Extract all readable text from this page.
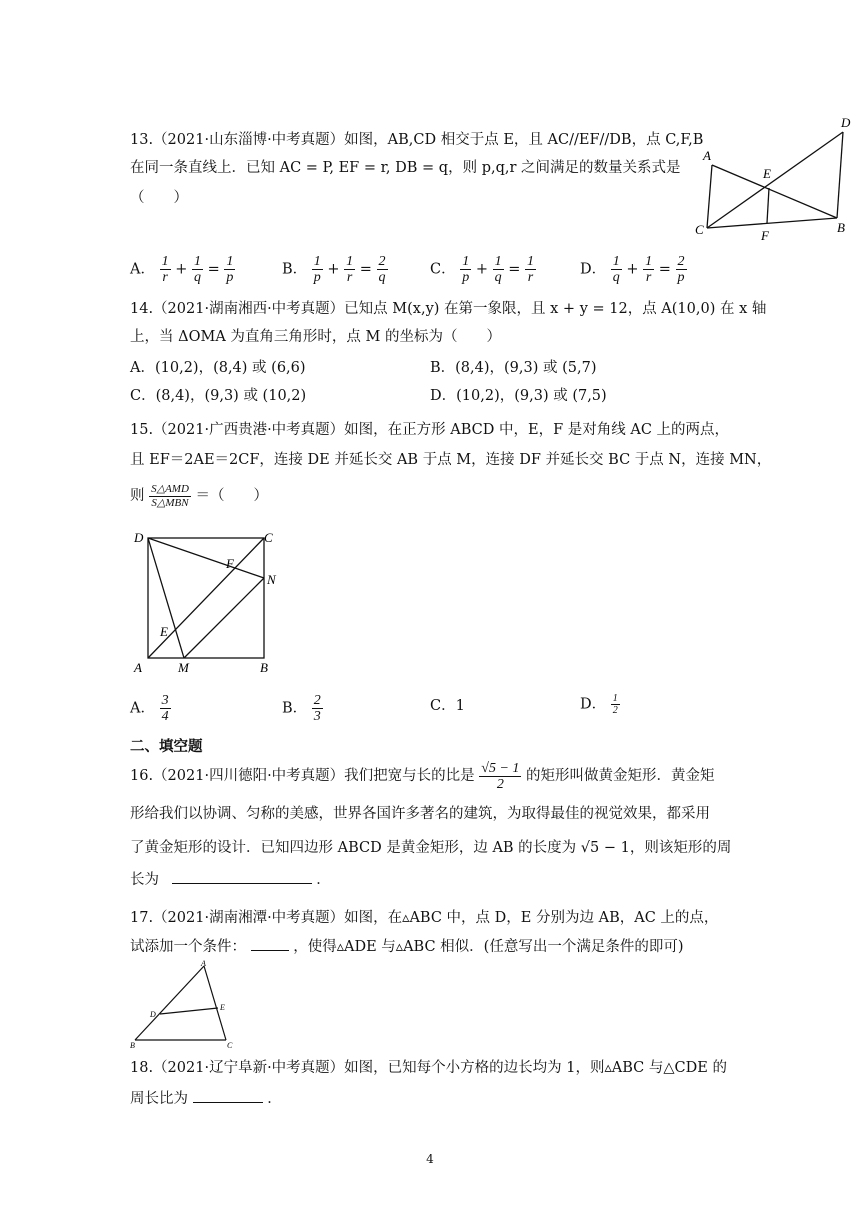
13.（2021·山东淄博·中考真题）如图，AB,CD 相交于点 E，且 AC//EF//DB，点 C,F,B
在同一条直线上．已知 AC = P, EF = r, DB = q，则 p,q,r 之间满足的数量关系式是
（　　）
A
B
C
D
E
F
A． $\frac{1}{r} + \frac{1}{q} = \frac{1}{p}$	B． $\frac{1}{p} + \frac{1}{r} = \frac{2}{q}$	C． $\frac{1}{p} + \frac{1}{q} = \frac{1}{r}$	D． $\frac{1}{q} + \frac{1}{r} = \frac{2}{p}$
14.（2021·湖南湘西·中考真题）已知点 M(x,y) 在第一象限，且 x + y = 12，点 A(10,0) 在 x 轴
上，当 ΔOMA 为直角三角形时，点 M 的坐标为（　　）
A．(10,2)，(8,4) 或 (6,6)	B．(8,4)，(9,3) 或 (5,7)
C．(8,4)，(9,3) 或 (10,2)	D．(10,2)，(9,3) 或 (7,5)
15.（2021·广西贵港·中考真题）如图，在正方形 ABCD 中，E，F 是对角线 AC 上的两点，
且 EF＝2AE＝2CF，连接 DE 并延长交 AB 于点 M，连接 DF 并延长交 BC 于点 N，连接 MN，
则 $\frac{\text{S△AMD}}{\text{S△MBN}}$ ＝（　　）
D	C
F
N
E
A	M	B
A． $\frac{3}{4}$	B． $\frac{2}{3}$	C．1	D． $\frac{1}{2}$
二、填空题
16.（2021·四川德阳·中考真题）我们把宽与长的比是 $\frac{√5 - 1}{2}$ 的矩形叫做黄金矩形．黄金矩
形给我们以协调、匀称的美感，世界各国许多著名的建筑，为取得最佳的视觉效果，都采用
了黄金矩形的设计．已知四边形 ABCD 是黄金矩形，边 AB 的长度为 √5 − 1，则该矩形的周
长为	．
17.（2021·湖南湘潭·中考真题）如图，在▵ABC 中，点 D，E 分别为边 AB，AC 上的点，
试添加一个条件：	，使得▵ADE 与▵ABC 相似．(任意写出一个满足条件的即可)
A
E
D
B	C
18.（2021·辽宁阜新·中考真题）如图，已知每个小方格的边长均为 1，则▵ABC 与△CDE 的
周长比为	．
4
